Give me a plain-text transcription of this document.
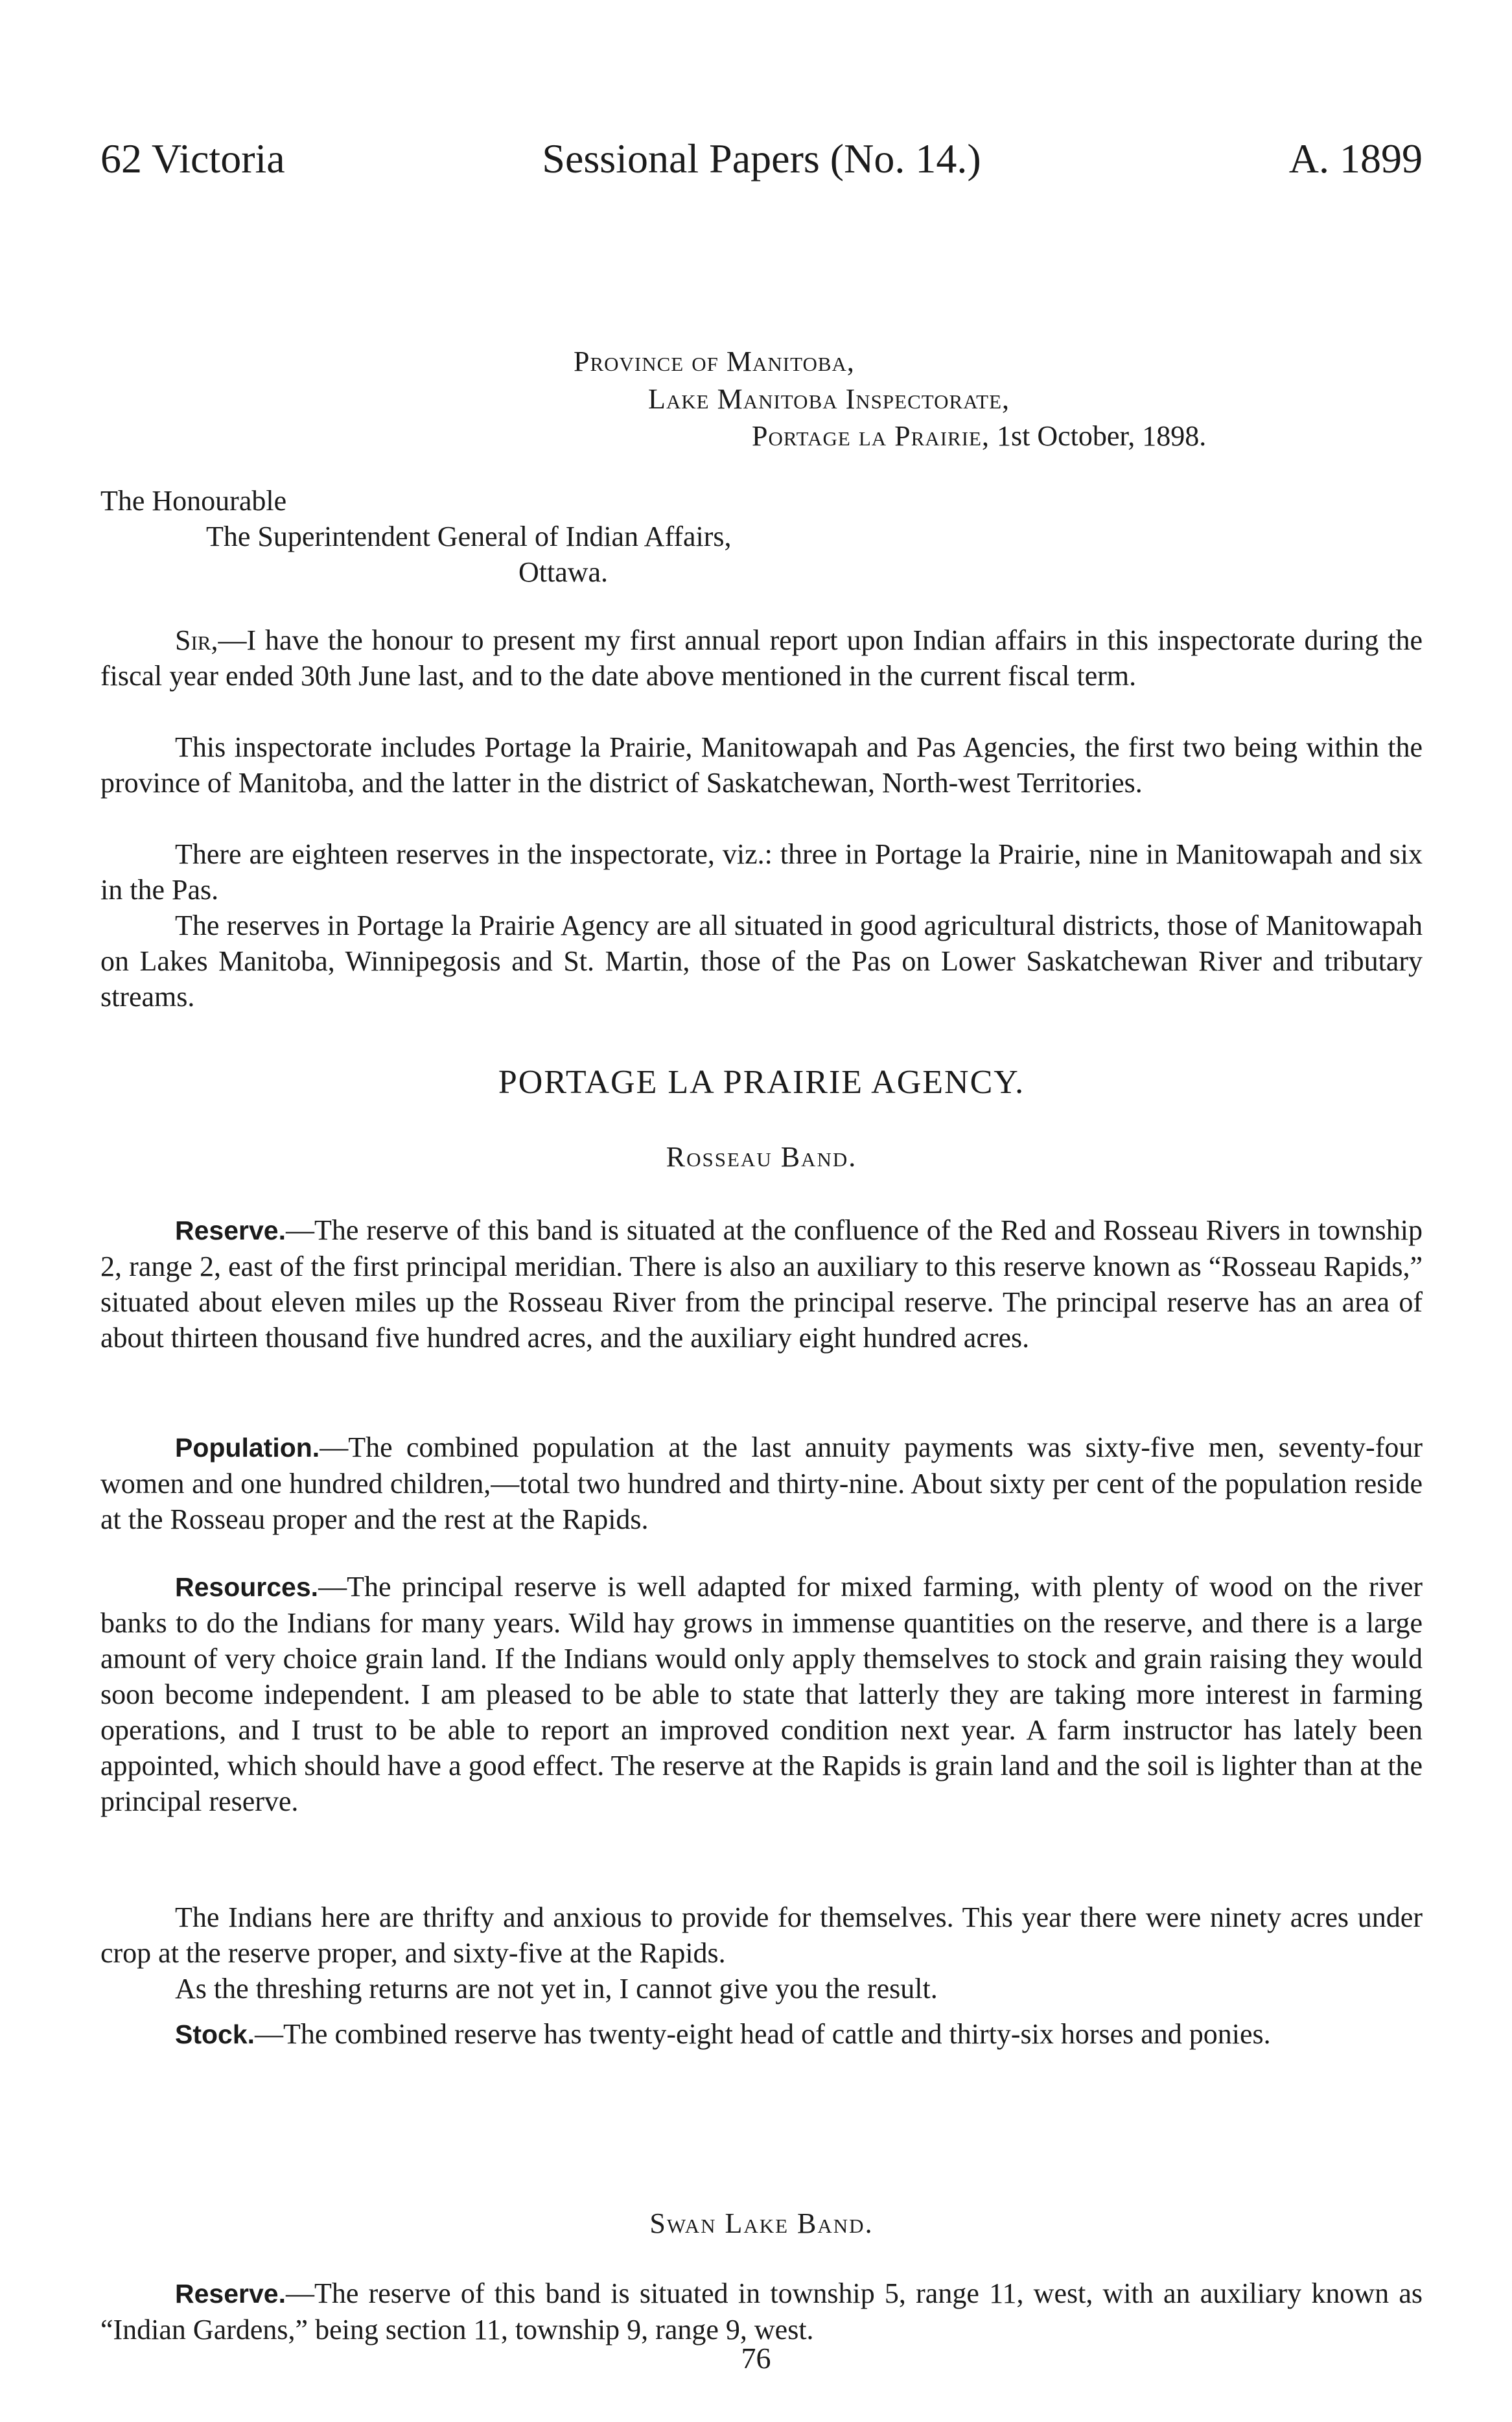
62 Victoria	Sessional Papers (No. 14.)	A. 1899
Province of Manitoba,
Lake Manitoba Inspectorate,
Portage la Prairie, 1st October, 1898.
The Honourable
The Superintendent General of Indian Affairs,
Ottawa.

Sir,—I have the honour to present my first annual report upon Indian affairs in this inspectorate during the fiscal year ended 30th June last, and to the date above mentioned in the current fiscal term.

This inspectorate includes Portage la Prairie, Manitowapah and Pas Agencies, the first two being within the province of Manitoba, and the latter in the district of Saskatchewan, North-west Territories.

There are eighteen reserves in the inspectorate, viz.: three in Portage la Prairie, nine in Manitowapah and six in the Pas.

The reserves in Portage la Prairie Agency are all situated in good agricultural districts, those of Manitowapah on Lakes Manitoba, Winnipegosis and St. Martin, those of the Pas on Lower Saskatchewan River and tributary streams.

PORTAGE LA PRAIRIE AGENCY.
Rosseau Band.

Reserve.—The reserve of this band is situated at the confluence of the Red and Rosseau Rivers in township 2, range 2, east of the first principal meridian. There is also an auxiliary to this reserve known as “Rosseau Rapids,” situated about eleven miles up the Rosseau River from the principal reserve. The principal reserve has an area of about thirteen thousand five hundred acres, and the auxiliary eight hundred acres.

Population.—The combined population at the last annuity payments was sixty-five men, seventy-four women and one hundred children,—total two hundred and thirty-nine. About sixty per cent of the population reside at the Rosseau proper and the rest at the Rapids.

Resources.—The principal reserve is well adapted for mixed farming, with plenty of wood on the river banks to do the Indians for many years. Wild hay grows in immense quantities on the reserve, and there is a large amount of very choice grain land. If the Indians would only apply themselves to stock and grain raising they would soon become independent. I am pleased to be able to state that latterly they are taking more interest in farming operations, and I trust to be able to report an improved condition next year. A farm instructor has lately been appointed, which should have a good effect. The reserve at the Rapids is grain land and the soil is lighter than at the principal reserve.

The Indians here are thrifty and anxious to provide for themselves. This year there were ninety acres under crop at the reserve proper, and sixty-five at the Rapids.

As the threshing returns are not yet in, I cannot give you the result.

Stock.—The combined reserve has twenty-eight head of cattle and thirty-six horses and ponies.

Swan Lake Band.

Reserve.—The reserve of this band is situated in township 5, range 11, west, with an auxiliary known as “Indian Gardens,” being section 11, township 9, range 9, west.

76
